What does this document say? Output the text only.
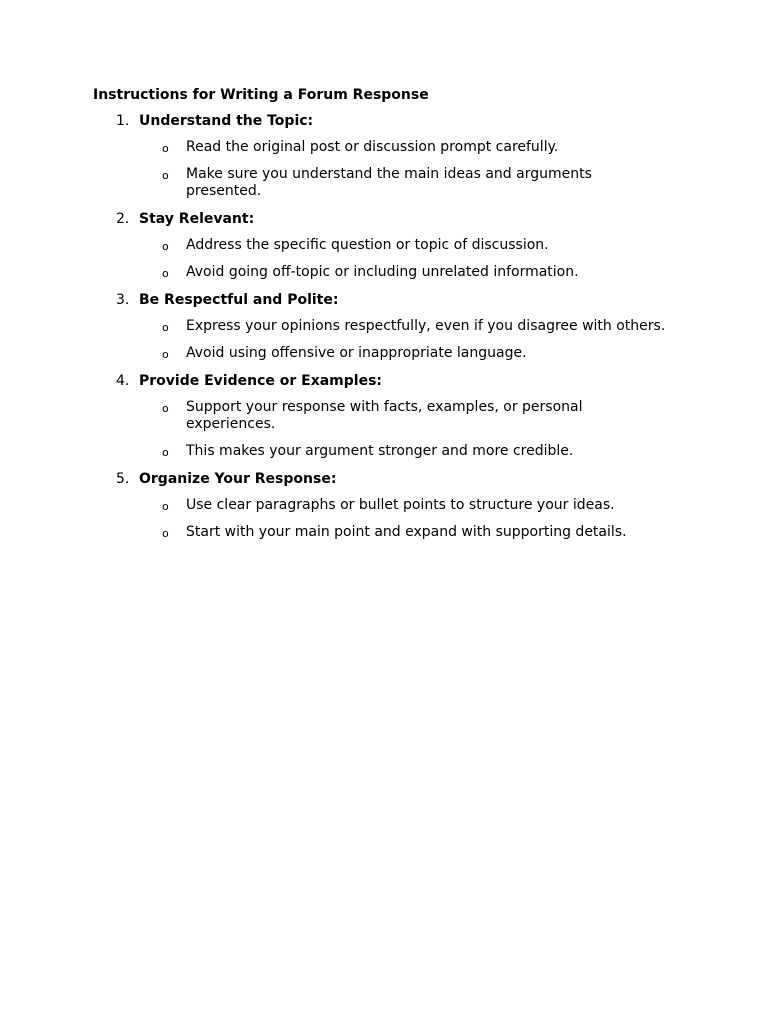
Instructions for Writing a Forum Response
1. Understand the Topic:
o Read the original post or discussion prompt carefully.
o Make sure you understand the main ideas and arguments presented.
2. Stay Relevant:
o Address the specific question or topic of discussion.
o Avoid going off-topic or including unrelated information.
3. Be Respectful and Polite:
o Express your opinions respectfully, even if you disagree with others.
o Avoid using offensive or inappropriate language.
4. Provide Evidence or Examples:
o Support your response with facts, examples, or personal experiences.
o This makes your argument stronger and more credible.
5. Organize Your Response:
o Use clear paragraphs or bullet points to structure your ideas.
o Start with your main point and expand with supporting details.
